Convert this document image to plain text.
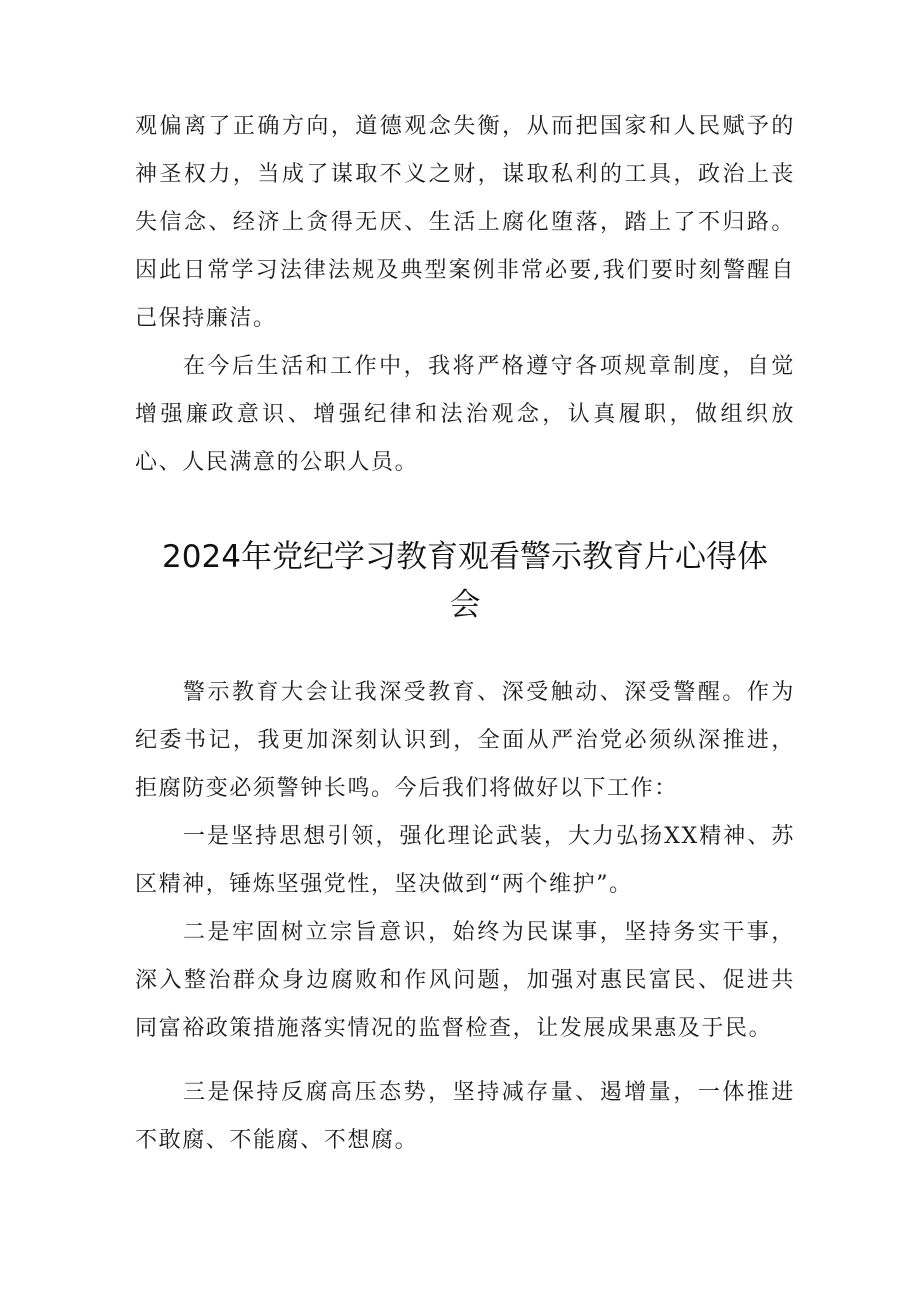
观偏离了正确方向，道德观念失衡，从而把国家和人民赋予的神圣权力，当成了谋取不义之财，谋取私利的工具，政治上丧失信念、经济上贪得无厌、生活上腐化堕落，踏上了不归路。因此日常学习法律法规及典型案例非常必要,我们要时刻警醒自己保持廉洁。

在今后生活和工作中，我将严格遵守各项规章制度，自觉增强廉政意识、增强纪律和法治观念，认真履职，做组织放心、人民满意的公职人员。

2024年党纪学习教育观看警示教育片心得体会

警示教育大会让我深受教育、深受触动、深受警醒。作为纪委书记，我更加深刻认识到，全面从严治党必须纵深推进，拒腐防变必须警钟长鸣。今后我们将做好以下工作：

一是坚持思想引领，强化理论武装，大力弘扬XX精神、苏区精神，锤炼坚强党性，坚决做到“两个维护”。

二是牢固树立宗旨意识，始终为民谋事，坚持务实干事，深入整治群众身边腐败和作风问题，加强对惠民富民、促进共同富裕政策措施落实情况的监督检查，让发展成果惠及于民。

三是保持反腐高压态势，坚持减存量、遏增量，一体推进不敢腐、不能腐、不想腐。
